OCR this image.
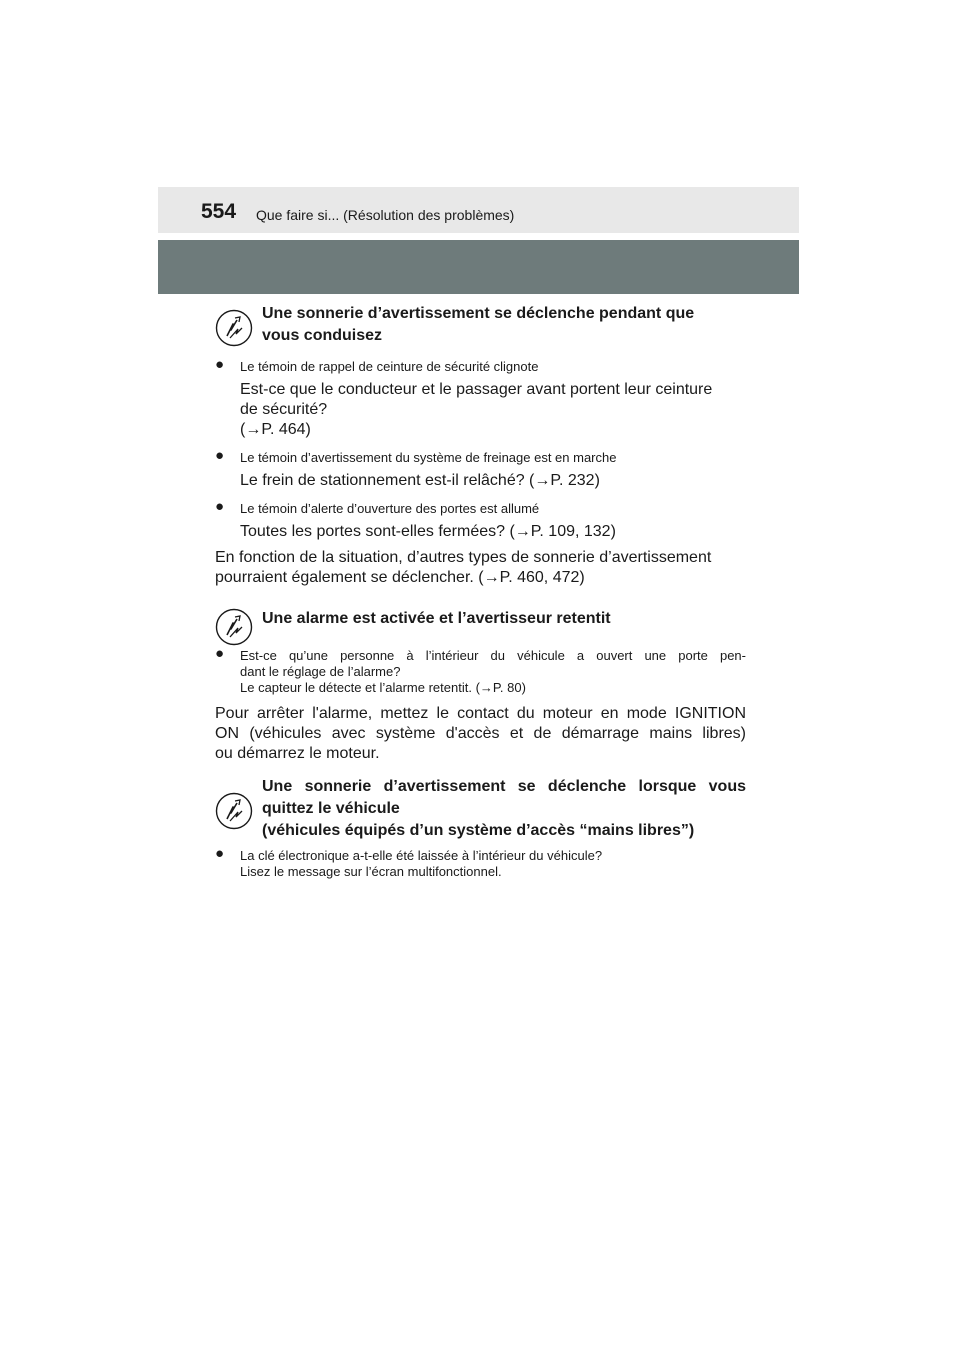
554 Que faire si... (Résolution des problèmes)
Une sonnerie d’avertissement se déclenche pendant que
vous conduisez
● Le témoin de rappel de ceinture de sécurité clignote
Est-ce que le conducteur et le passager avant portent leur ceinture
de sécurité?
(→P. 464)
● Le témoin d’avertissement du système de freinage est en marche
Le frein de stationnement est-il relâché? (→P. 232)
● Le témoin d’alerte d’ouverture des portes est allumé
Toutes les portes sont-elles fermées? (→P. 109, 132)
En fonction de la situation, d’autres types de sonnerie d’avertissement
pourraient également se déclencher. (→P. 460, 472)
Une alarme est activée et l’avertisseur retentit
● Est-ce qu’une personne à l’intérieur du véhicule a ouvert une porte pen-
dant le réglage de l’alarme?
Le capteur le détecte et l’alarme retentit. (→P. 80)
Pour arrêter l'alarme, mettez le contact du moteur en mode IGNITION
ON (véhicules avec système d'accès et de démarrage mains libres)
ou démarrez le moteur.
Une sonnerie d’avertissement se déclenche lorsque vous
quittez le véhicule
(véhicules équipés d’un système d’accès “mains libres”)
● La clé électronique a-t-elle été laissée à l’intérieur du véhicule?
Lisez le message sur l’écran multifonctionnel.
